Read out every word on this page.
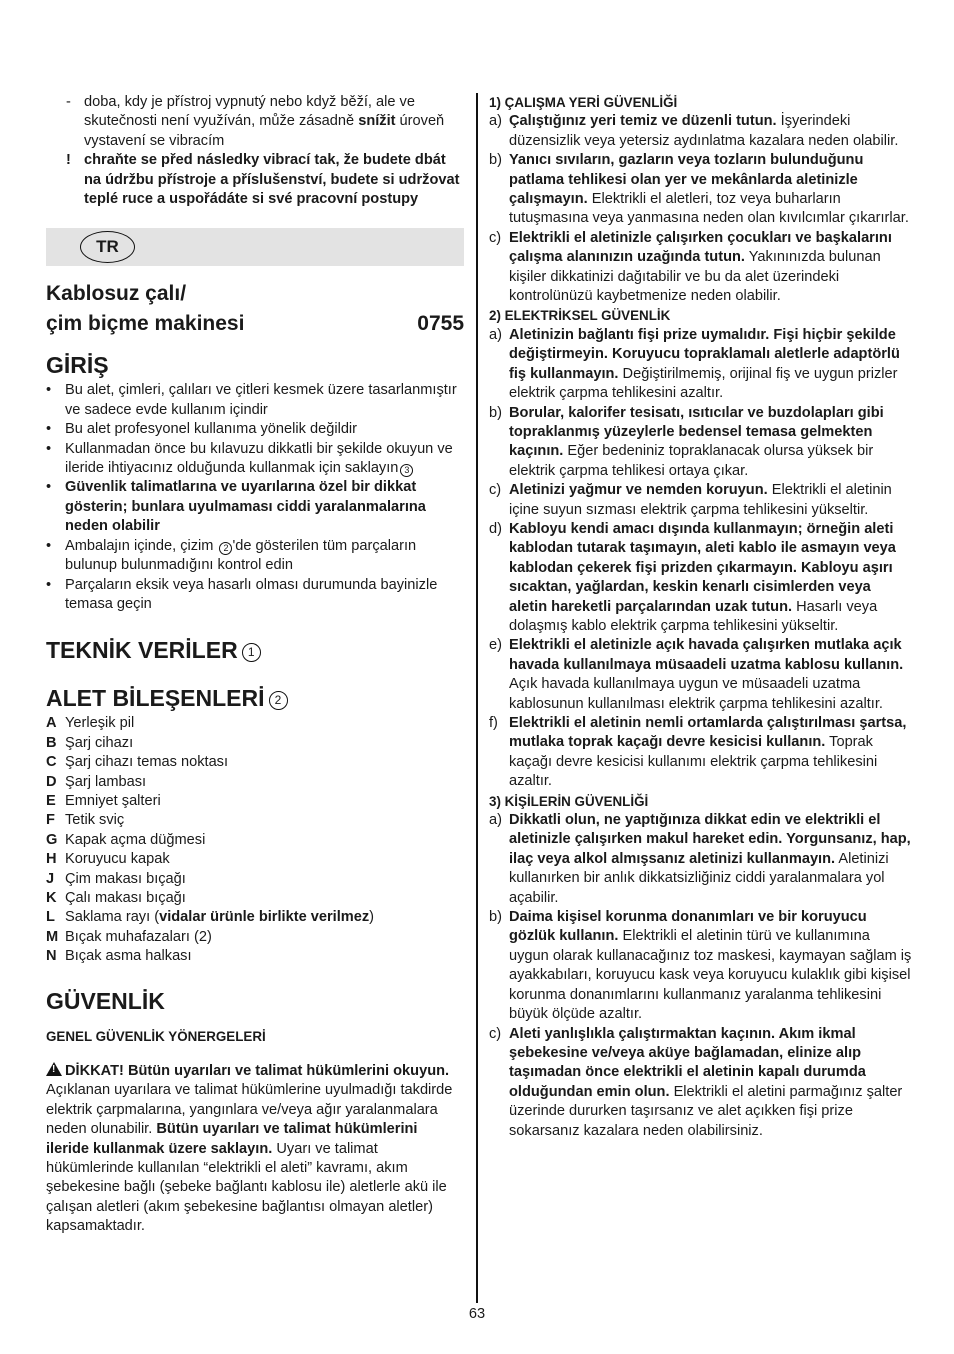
- doba, kdy je přístroj vypnutý nebo když běží, ale ve skutečnosti není využíván, může zásadně snížit úroveň vystavení se vibracím
! chraňte se před následky vibrací tak, že budete dbát na údržbu přístroje a příslušenství, budete si udržovat teplé ruce a uspořádáte si své pracovní postupy
TR
Kablosuz çalı/
çim biçme makinesi	0755
GİRİŞ
• Bu alet, çimleri, çalıları ve çitleri kesmek üzere tasarlanmıştır ve sadece evde kullanım içindir
• Bu alet profesyonel kullanıma yönelik değildir
• Kullanmadan önce bu kılavuzu dikkatli bir şekilde okuyun ve ileride ihtiyacınız olduğunda kullanmak için saklayın 3
• Güvenlik talimatlarına ve uyarılarına özel bir dikkat gösterin; bunlara uyulmaması ciddi yaralanmalarına neden olabilir
• Ambalajın içinde, çizim 2 'de gösterilen tüm parçaların bulunup bulunmadığını kontrol edin
• Parçaların eksik veya hasarlı olması durumunda bayinizle temasa geçin
TEKNİK VERİLER 1
ALET BİLEŞENLERİ 2
A Yerleşik pil
B Şarj cihazı
C Şarj cihazı temas noktası
D Şarj lambası
E Emniyet şalteri
F Tetik sviç
G Kapak açma düğmesi
H Koruyucu kapak
J Çim makası bıçağı
K Çalı makası bıçağı
L Saklama rayı (vidalar ürünle birlikte verilmez)
M Bıçak muhafazaları (2)
N Bıçak asma halkası
GÜVENLİK
GENEL GÜVENLİK YÖNERGELERİ
!DİKKAT! Bütün uyarıları ve talimat hükümlerini okuyun. Açıklanan uyarılara ve talimat hükümlerine uyulmadığı takdirde elektrik çarpmalarına, yangınlara ve/veya ağır yaralanmalara neden olunabilir. Bütün uyarıları ve talimat hükümlerini ileride kullanmak üzere saklayın. Uyarı ve talimat hükümlerinde kullanılan “elektrikli el aleti” kavramı, akım şebekesine bağlı (şebeke bağlantı kablosu ile) aletlerle akü ile çalışan aletleri (akım şebekesine bağlantısı olmayan aletler) kapsamaktadır.
1) ÇALIŞMA YERİ GÜVENLİĞİ
a) Çalıştığınız yeri temiz ve düzenli tutun. İşyerindeki düzensizlik veya yetersiz aydınlatma kazalara neden olabilir.
b) Yanıcı sıvıların, gazların veya tozların bulunduğunu patlama tehlikesi olan yer ve mekânlarda aletinizle çalışmayın. Elektrikli el aletleri, toz veya buharların tutuşmasına veya yanmasına neden olan kıvılcımlar çıkarırlar.
c) Elektrikli el aletinizle çalışırken çocukları ve başkalarını çalışma alanınızın uzağında tutun. Yakınınızda bulunan kişiler dikkatinizi dağıtabilir ve bu da alet üzerindeki kontrolünüzü kaybetmenize neden olabilir.
2) ELEKTRİKSEL GÜVENLİK
a) Aletinizin bağlantı fişi prize uymalıdır. Fişi hiçbir şekilde değiştirmeyin. Koruyucu topraklamalı aletlerle adaptörlü fiş kullanmayın. Değiştirilmemiş, orijinal fiş ve uygun prizler elektrik çarpma tehlikesini azaltır.
b) Borular, kalorifer tesisatı, ısıtıcılar ve buzdolapları gibi topraklanmış yüzeylerle bedensel temasa gelmekten kaçının. Eğer bedeniniz topraklanacak olursa yüksek bir elektrik çarpma tehlikesi ortaya çıkar.
c) Aletinizi yağmur ve nemden koruyun. Elektrikli el aletinin içine suyun sızması elektrik çarpma tehlikesini yükseltir.
d) Kabloyu kendi amacı dışında kullanmayın; örneğin aleti kablodan tutarak taşımayın, aleti kablo ile asmayın veya kablodan çekerek fişi prizden çıkarmayın. Kabloyu aşırı sıcaktan, yağlardan, keskin kenarlı cisimlerden veya aletin hareketli parçalarından uzak tutun. Hasarlı veya dolaşmış kablo elektrik çarpma tehlikesini yükseltir.
e) Elektrikli el aletinizle açık havada çalışırken mutlaka açık havada kullanılmaya müsaadeli uzatma kablosu kullanın. Açık havada kullanılmaya uygun ve müsaadeli uzatma kablosunun kullanılması elektrik çarpma tehlikesini azaltır.
f) Elektrikli el aletinin nemli ortamlarda çalıştırılması şartsa, mutlaka toprak kaçağı devre kesicisi kullanın. Toprak kaçağı devre kesicisi kullanımı elektrik çarpma tehlikesini azaltır.
3) KİŞİLERİN GÜVENLİĞİ
a) Dikkatli olun, ne yaptığınıza dikkat edin ve elektrikli el aletinizle çalışırken makul hareket edin. Yorgunsanız, hap, ilaç veya alkol almışsanız aletinizi kullanmayın. Aletinizi kullanırken bir anlık dikkatsizliğiniz ciddi yaralanmalara yol açabilir.
b) Daima kişisel korunma donanımları ve bir koruyucu gözlük kullanın. Elektrikli el aletinin türü ve kullanımına uygun olarak kullanacağınız toz maskesi, kaymayan sağlam iş ayakkabıları, koruyucu kask veya koruyucu kulaklık gibi kişisel korunma donanımlarını kullanmanız yaralanma tehlikesini büyük ölçüde azaltır.
c) Aleti yanlışlıkla çalıştırmaktan kaçının. Akım ikmal şebekesine ve/veya aküye bağlamadan, elinize alıp taşımadan önce elektrikli el aletinin kapalı durumda olduğundan emin olun. Elektrikli el aletini parmağınız şalter üzerinde dururken taşırsanız ve alet açıkken fişi prize sokarsanız kazalara neden olabilirsiniz.
63
